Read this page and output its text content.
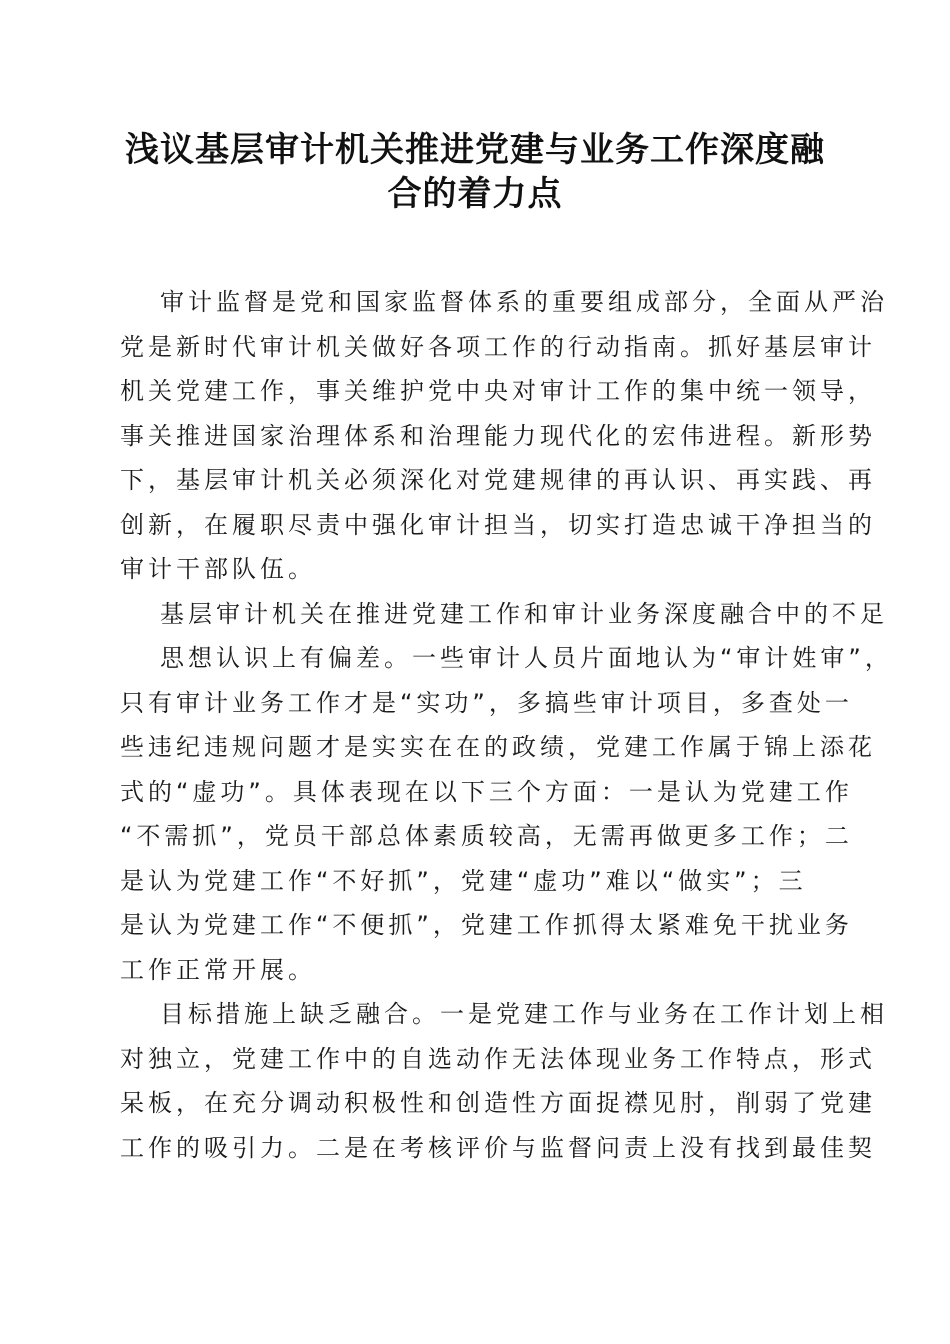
浅议基层审计机关推进党建与业务工作深度融
合的着力点
审计监督是党和国家监督体系的重要组成部分，全面从严治
党是新时代审计机关做好各项工作的行动指南。抓好基层审计
机关党建工作，事关维护党中央对审计工作的集中统一领导，
事关推进国家治理体系和治理能力现代化的宏伟进程。新形势
下，基层审计机关必须深化对党建规律的再认识、再实践、再
创新，在履职尽责中强化审计担当，切实打造忠诚干净担当的
审计干部队伍。
基层审计机关在推进党建工作和审计业务深度融合中的不足
思想认识上有偏差。一些审计人员片面地认为“审计姓审”，
只有审计业务工作才是“实功”，多搞些审计项目，多查处一
些违纪违规问题才是实实在在的政绩，党建工作属于锦上添花
式的“虚功”。具体表现在以下三个方面：一是认为党建工作
“不需抓”，党员干部总体素质较高，无需再做更多工作；二
是认为党建工作“不好抓”，党建“虚功”难以“做实”；三
是认为党建工作“不便抓”，党建工作抓得太紧难免干扰业务
工作正常开展。
目标措施上缺乏融合。一是党建工作与业务在工作计划上相
对独立，党建工作中的自选动作无法体现业务工作特点，形式
呆板，在充分调动积极性和创造性方面捉襟见肘，削弱了党建
工作的吸引力。二是在考核评价与监督问责上没有找到最佳契
